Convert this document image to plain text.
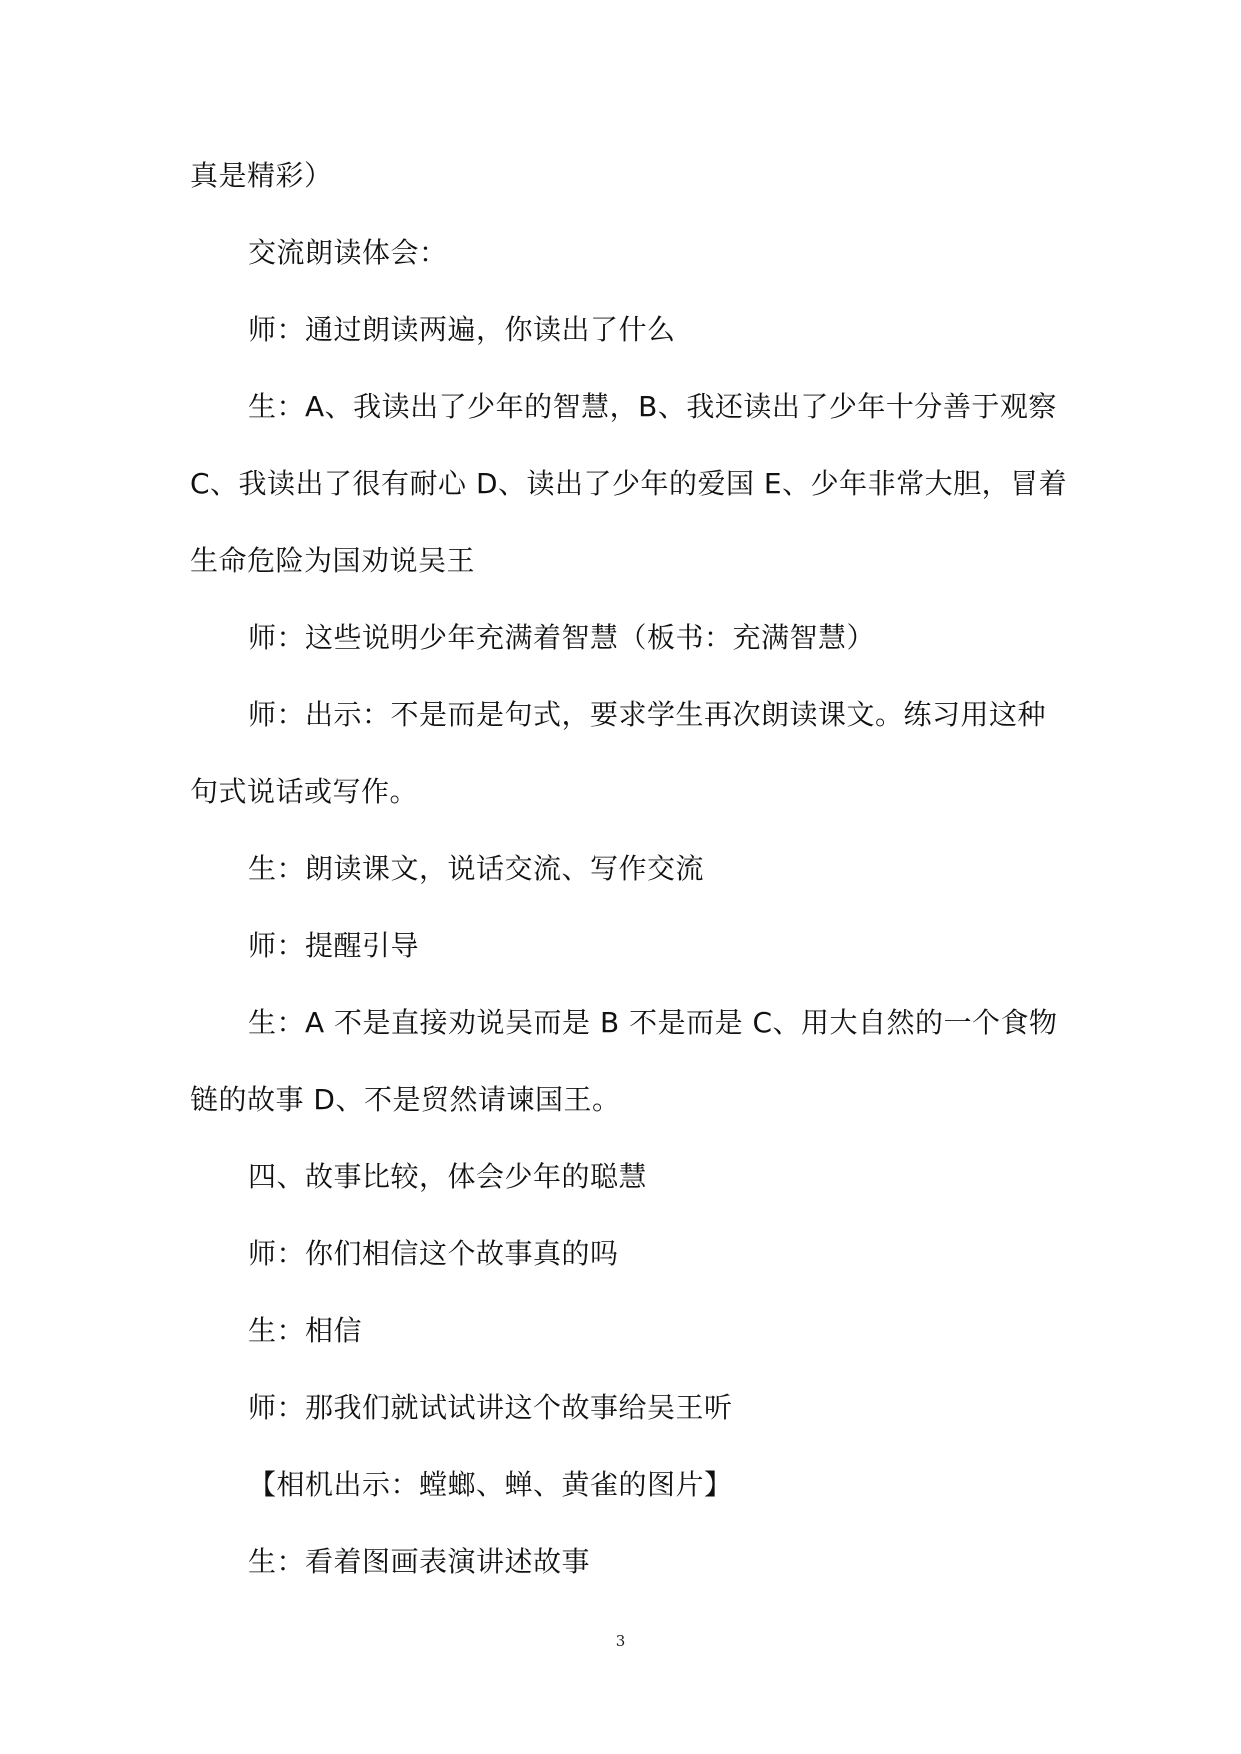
真是精彩）
交流朗读体会：
师：通过朗读两遍，你读出了什么
生：A、我读出了少年的智慧，B、我还读出了少年十分善于观察
C、我读出了很有耐心 D、读出了少年的爱国 E、少年非常大胆，冒着
生命危险为国劝说吴王
师：这些说明少年充满着智慧（板书：充满智慧）
师：出示：不是而是句式，要求学生再次朗读课文。练习用这种
句式说话或写作。
生：朗读课文，说话交流、写作交流
师：提醒引导
生：A 不是直接劝说吴而是 B 不是而是 C、用大自然的一个食物
链的故事 D、不是贸然请谏国王。
四、故事比较，体会少年的聪慧
师：你们相信这个故事真的吗
生：相信
师：那我们就试试讲这个故事给吴王听
【相机出示：螳螂、蝉、黄雀的图片】
生：看着图画表演讲述故事
3
